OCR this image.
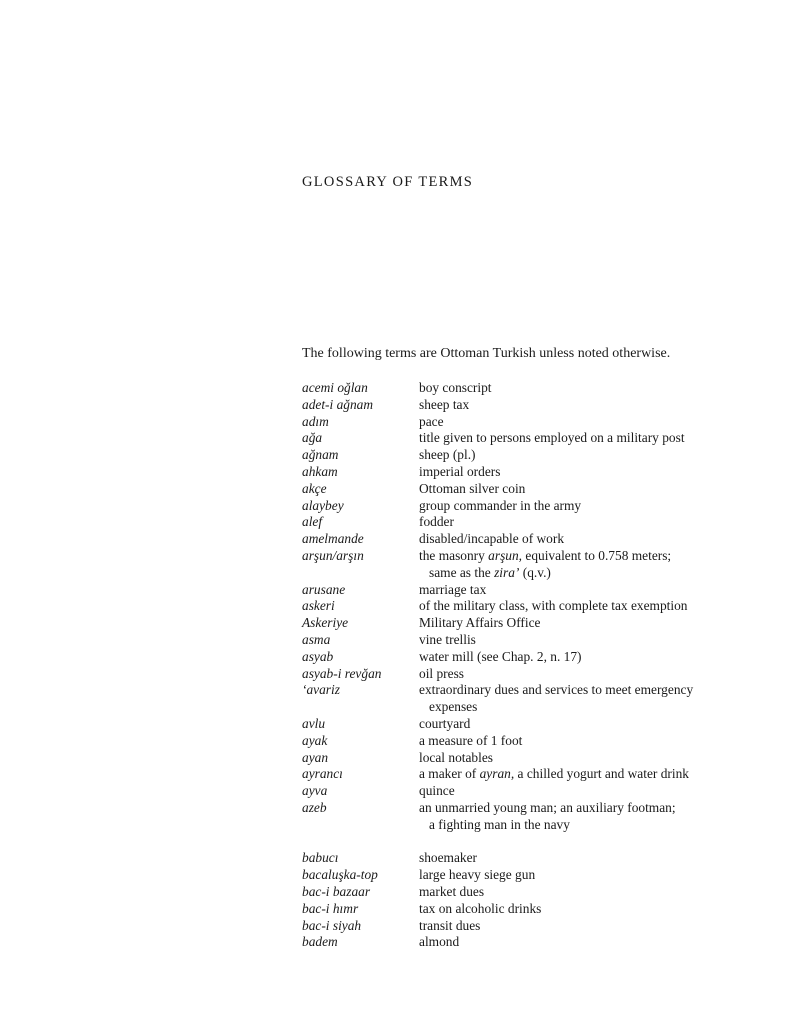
GLOSSARY OF TERMS
The following terms are Ottoman Turkish unless noted otherwise.
acemi oğlan	boy conscript
adet-i ağnam	sheep tax
adım	pace
ağa	title given to persons employed on a military post
ağnam	sheep (pl.)
ahkam	imperial orders
akçe	Ottoman silver coin
alaybey	group commander in the army
alef	fodder
amelmande	disabled/incapable of work
arşun/arşın	the masonry arşun, equivalent to 0.758 meters;
same as the zira’ (q.v.)
arusane	marriage tax
askeri	of the military class, with complete tax exemption
Askeriye	Military Affairs Office
asma	vine trellis
asyab	water mill (see Chap. 2, n. 17)
asyab-i revğan	oil press
‘avariz	extraordinary dues and services to meet emergency
expenses
avlu	courtyard
ayak	a measure of 1 foot
ayan	local notables
ayrancı	a maker of ayran, a chilled yogurt and water drink
ayva	quince
azeb	an unmarried young man; an auxiliary footman;
a fighting man in the navy
babucı	shoemaker
bacaluşka-top	large heavy siege gun
bac-i bazaar	market dues
bac-i hımr	tax on alcoholic drinks
bac-i siyah	transit dues
badem	almond
